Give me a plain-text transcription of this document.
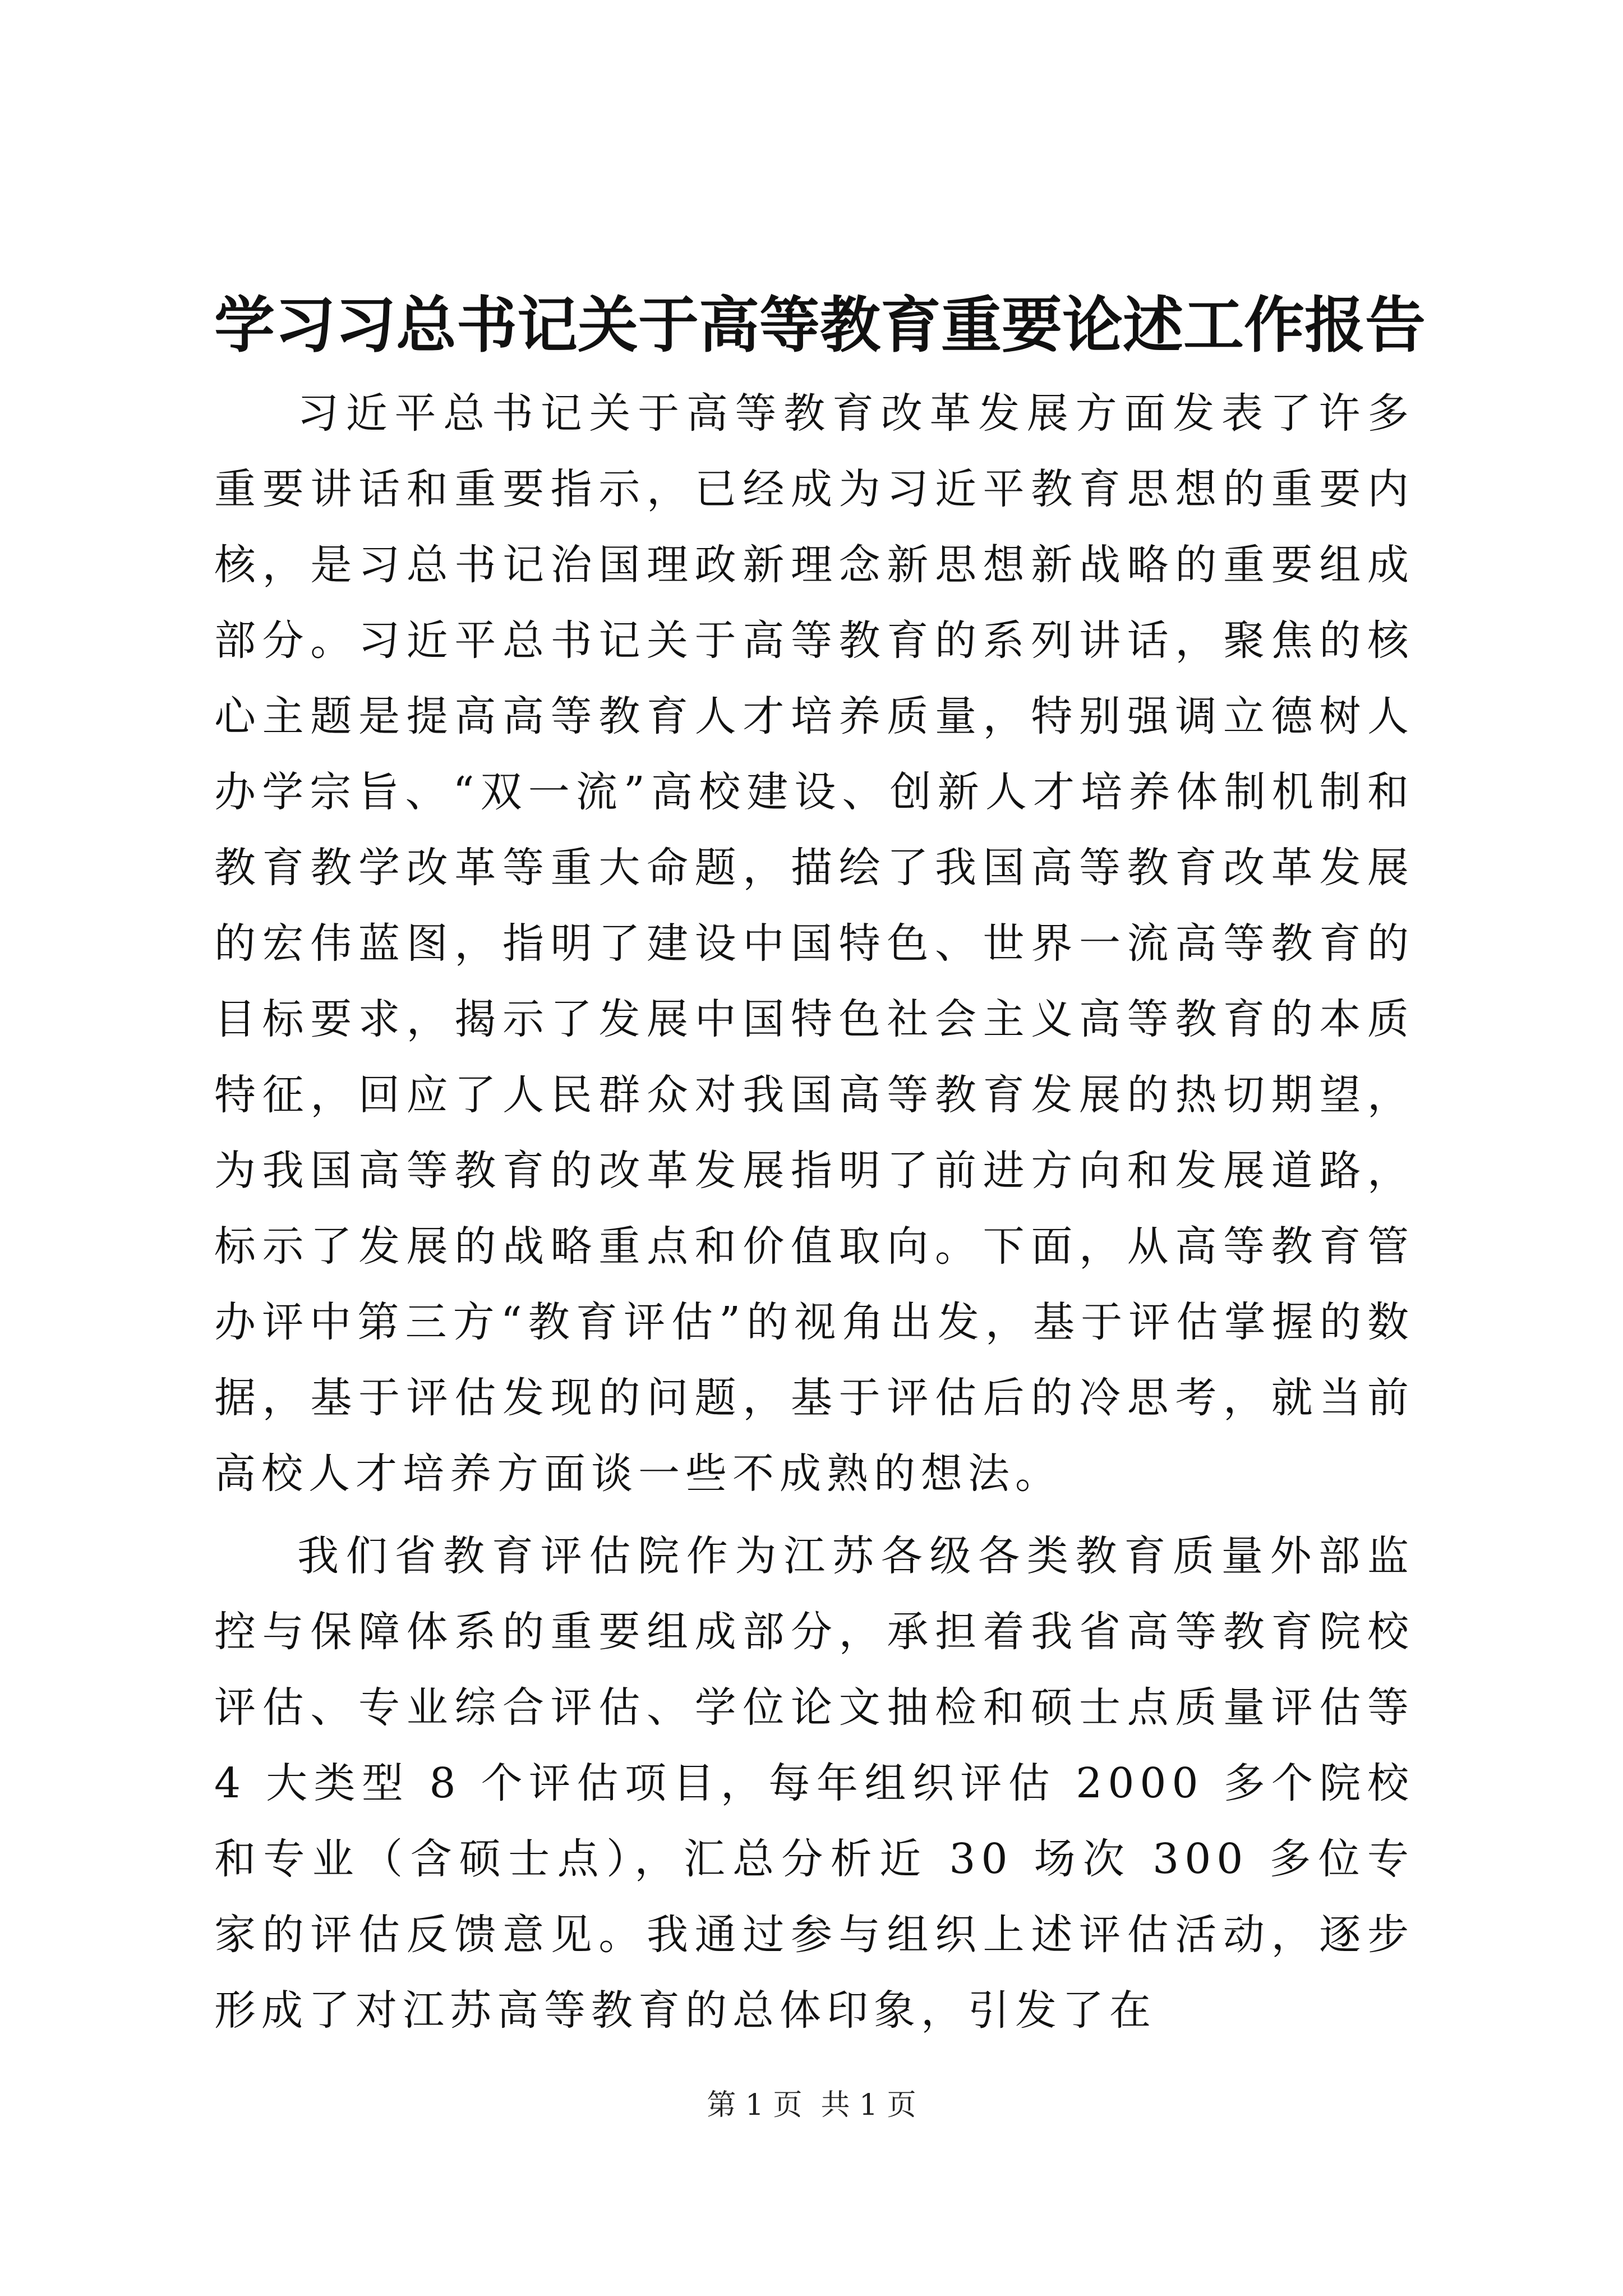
学习习总书记关于高等教育重要论述工作报告

习近平总书记关于高等教育改革发展方面发表了许多重要讲话和重要指示，已经成为习近平教育思想的重要内核，是习总书记治国理政新理念新思想新战略的重要组成部分。习近平总书记关于高等教育的系列讲话，聚焦的核心主题是提高高等教育人才培养质量，特别强调立德树人办学宗旨、“双一流”高校建设、创新人才培养体制机制和教育教学改革等重大命题，描绘了我国高等教育改革发展的宏伟蓝图，指明了建设中国特色、世界一流高等教育的目标要求，揭示了发展中国特色社会主义高等教育的本质特征，回应了人民群众对我国高等教育发展的热切期望，为我国高等教育的改革发展指明了前进方向和发展道路，标示了发展的战略重点和价值取向。下面，从高等教育管办评中第三方“教育评估”的视角出发，基于评估掌握的数据，基于评估发现的问题，基于评估后的冷思考，就当前高校人才培养方面谈一些不成熟的想法。

我们省教育评估院作为江苏各级各类教育质量外部监控与保障体系的重要组成部分，承担着我省高等教育院校评估、专业综合评估、学位论文抽检和硕士点质量评估等 4 大类型 8 个评估项目，每年组织评估 2000 多个院校和专业（含硕士点），汇总分析近 30 场次 300 多位专家的评估反馈意见。我通过参与组织上述评估活动，逐步形成了对江苏高等教育的总体印象，引发了在

第 1 页  共 1 页
